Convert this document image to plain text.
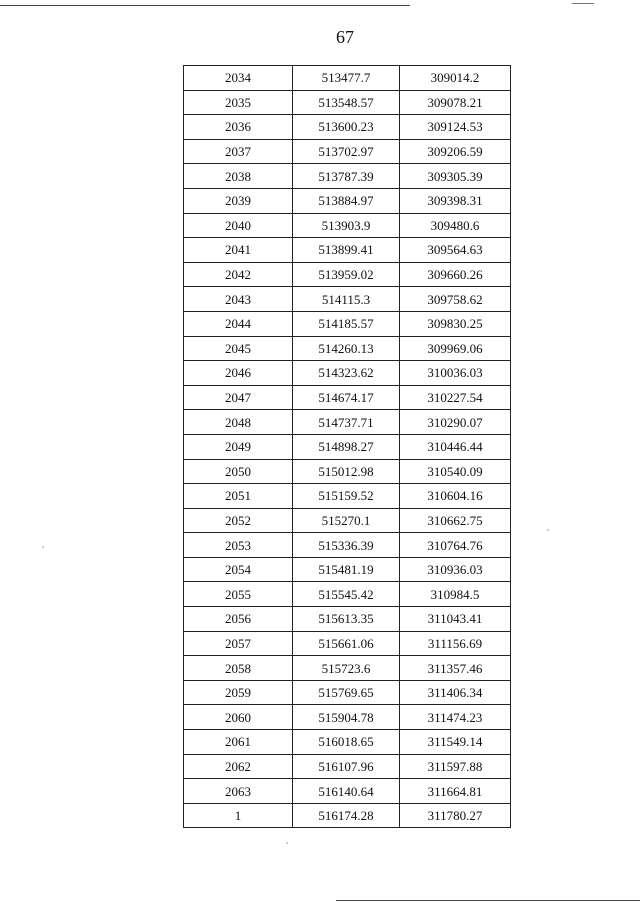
67
2034	513477.7	309014.2
2035	513548.57	309078.21
2036	513600.23	309124.53
2037	513702.97	309206.59
2038	513787.39	309305.39
2039	513884.97	309398.31
2040	513903.9	309480.6
2041	513899.41	309564.63
2042	513959.02	309660.26
2043	514115.3	309758.62
2044	514185.57	309830.25
2045	514260.13	309969.06
2046	514323.62	310036.03
2047	514674.17	310227.54
2048	514737.71	310290.07
2049	514898.27	310446.44
2050	515012.98	310540.09
2051	515159.52	310604.16
2052	515270.1	310662.75
2053	515336.39	310764.76
2054	515481.19	310936.03
2055	515545.42	310984.5
2056	515613.35	311043.41
2057	515661.06	311156.69
2058	515723.6	311357.46
2059	515769.65	311406.34
2060	515904.78	311474.23
2061	516018.65	311549.14
2062	516107.96	311597.88
2063	516140.64	311664.81
1	516174.28	311780.27
